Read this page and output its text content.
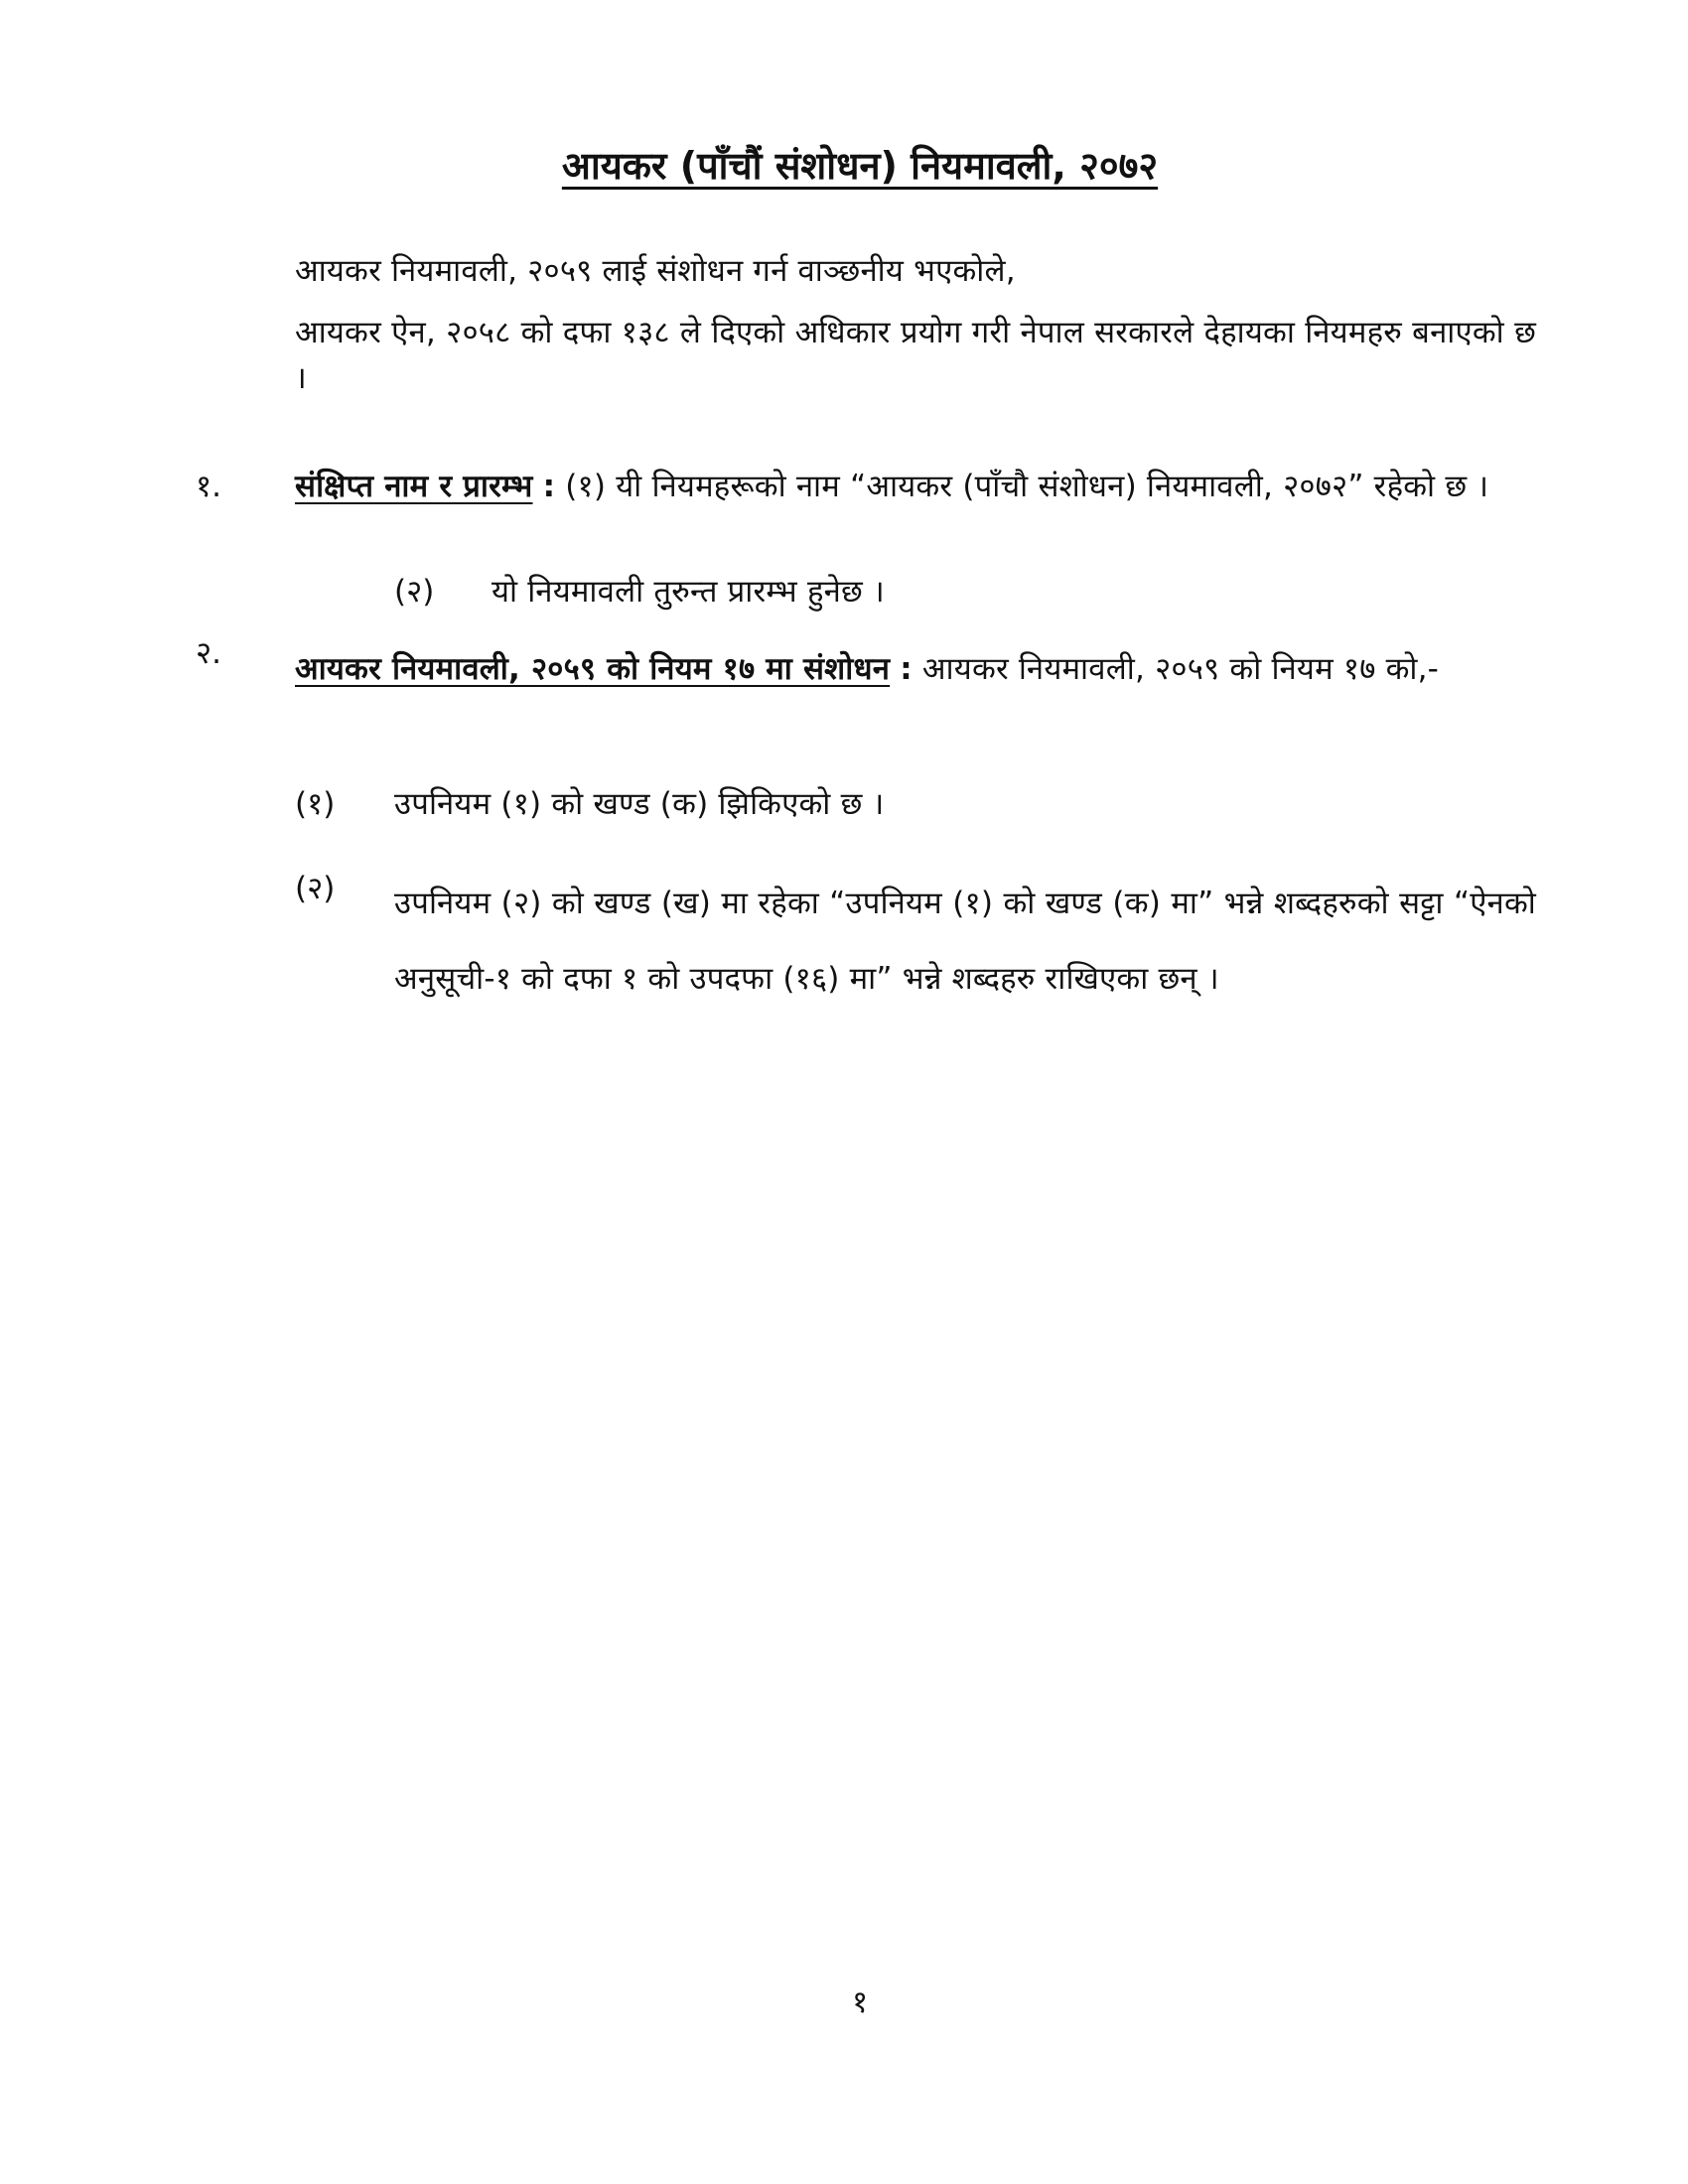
आयकर (पाँचौं संशोधन) नियमावली, २०७२
आयकर नियमावली, २०५९ लाई संशोधन गर्न वाञ्छनीय भएकोले,
आयकर ऐन, २०५८ को दफा १३८ ले दिएको अधिकार प्रयोग गरी नेपाल सरकारले देहायका नियमहरु बनाएको छ ।
१. संक्षिप्त नाम र प्रारम्भ : (१) यी नियमहरूको नाम “आयकर (पाँचौ संशोधन) नियमावली, २०७२” रहेको छ ।
(२) यो नियमावली तुरुन्त प्रारम्भ हुनेछ ।
२. आयकर नियमावली, २०५९ को नियम १७ मा संशोधन : आयकर नियमावली, २०५९ को नियम १७ को,-
(१) उपनियम (१) को खण्ड (क) झिकिएको छ ।
(२) उपनियम (२) को खण्ड (ख) मा रहेका “उपनियम (१) को खण्ड (क) मा” भन्ने शब्दहरुको सट्टा “ऐनको अनुसूची-१ को दफा १ को उपदफा (१६) मा” भन्ने शब्दहरु राखिएका छन् ।
१
